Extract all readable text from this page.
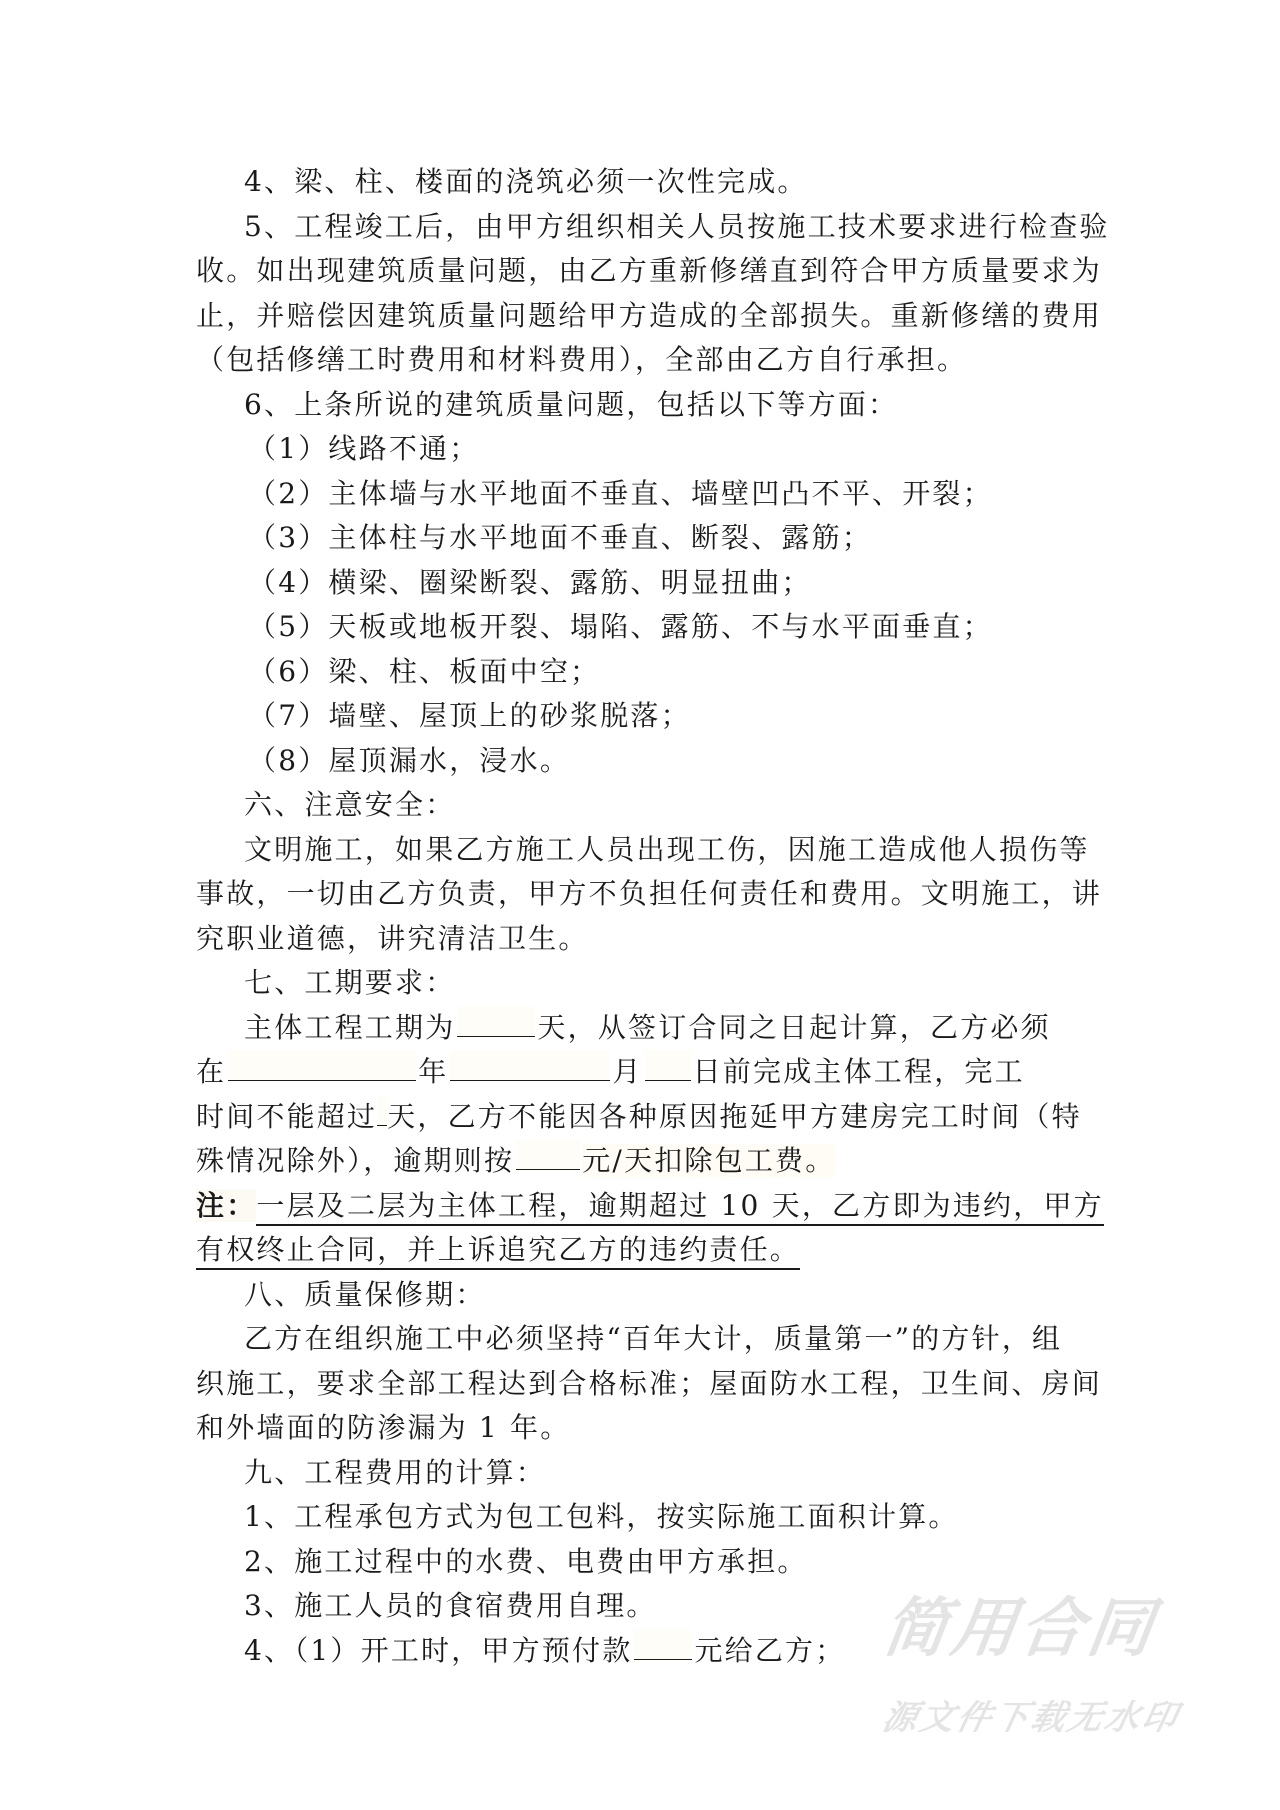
4、梁、柱、楼面的浇筑必须一次性完成。
5、工程竣工后，由甲方组织相关人员按施工技术要求进行检查验
收。如出现建筑质量问题，由乙方重新修缮直到符合甲方质量要求为
止，并赔偿因建筑质量问题给甲方造成的全部损失。重新修缮的费用
（包括修缮工时费用和材料费用），全部由乙方自行承担。
6、上条所说的建筑质量问题，包括以下等方面：
（1）线路不通；
（2）主体墙与水平地面不垂直、墙壁凹凸不平、开裂；
（3）主体柱与水平地面不垂直、断裂、露筋；
（4）横梁、圈梁断裂、露筋、明显扭曲；
（5）天板或地板开裂、塌陷、露筋、不与水平面垂直；
（6）梁、柱、板面中空；
（7）墙壁、屋顶上的砂浆脱落；
（8）屋顶漏水，浸水。
六、注意安全：
文明施工，如果乙方施工人员出现工伤，因施工造成他人损伤等
事故，一切由乙方负责，甲方不负担任何责任和费用。文明施工，讲
究职业道德，讲究清洁卫生。
七、工期要求：
主体工程工期为	天，从签订合同之日起计算，乙方必须
在	年	月 日前完成主体工程，完工
时间不能超过 天，乙方不能因各种原因拖延甲方建房完工时间（特
殊情况除外），逾期则按 元/天扣除包工费。
注：一层及二层为主体工程，逾期超过 10 天，乙方即为违约，甲方
有权终止合同，并上诉追究乙方的违约责任。
八、质量保修期：
乙方在组织施工中必须坚持“百年大计，质量第一”的方针，组
织施工，要求全部工程达到合格标准；屋面防水工程，卫生间、房间
和外墙面的防渗漏为 1 年。
九、工程费用的计算：
1、工程承包方式为包工包料，按实际施工面积计算。
2、施工过程中的水费、电费由甲方承担。
3、施工人员的食宿费用自理。
4、（1）开工时，甲方预付款 元给乙方； 简用合同
源文件下载无水印
